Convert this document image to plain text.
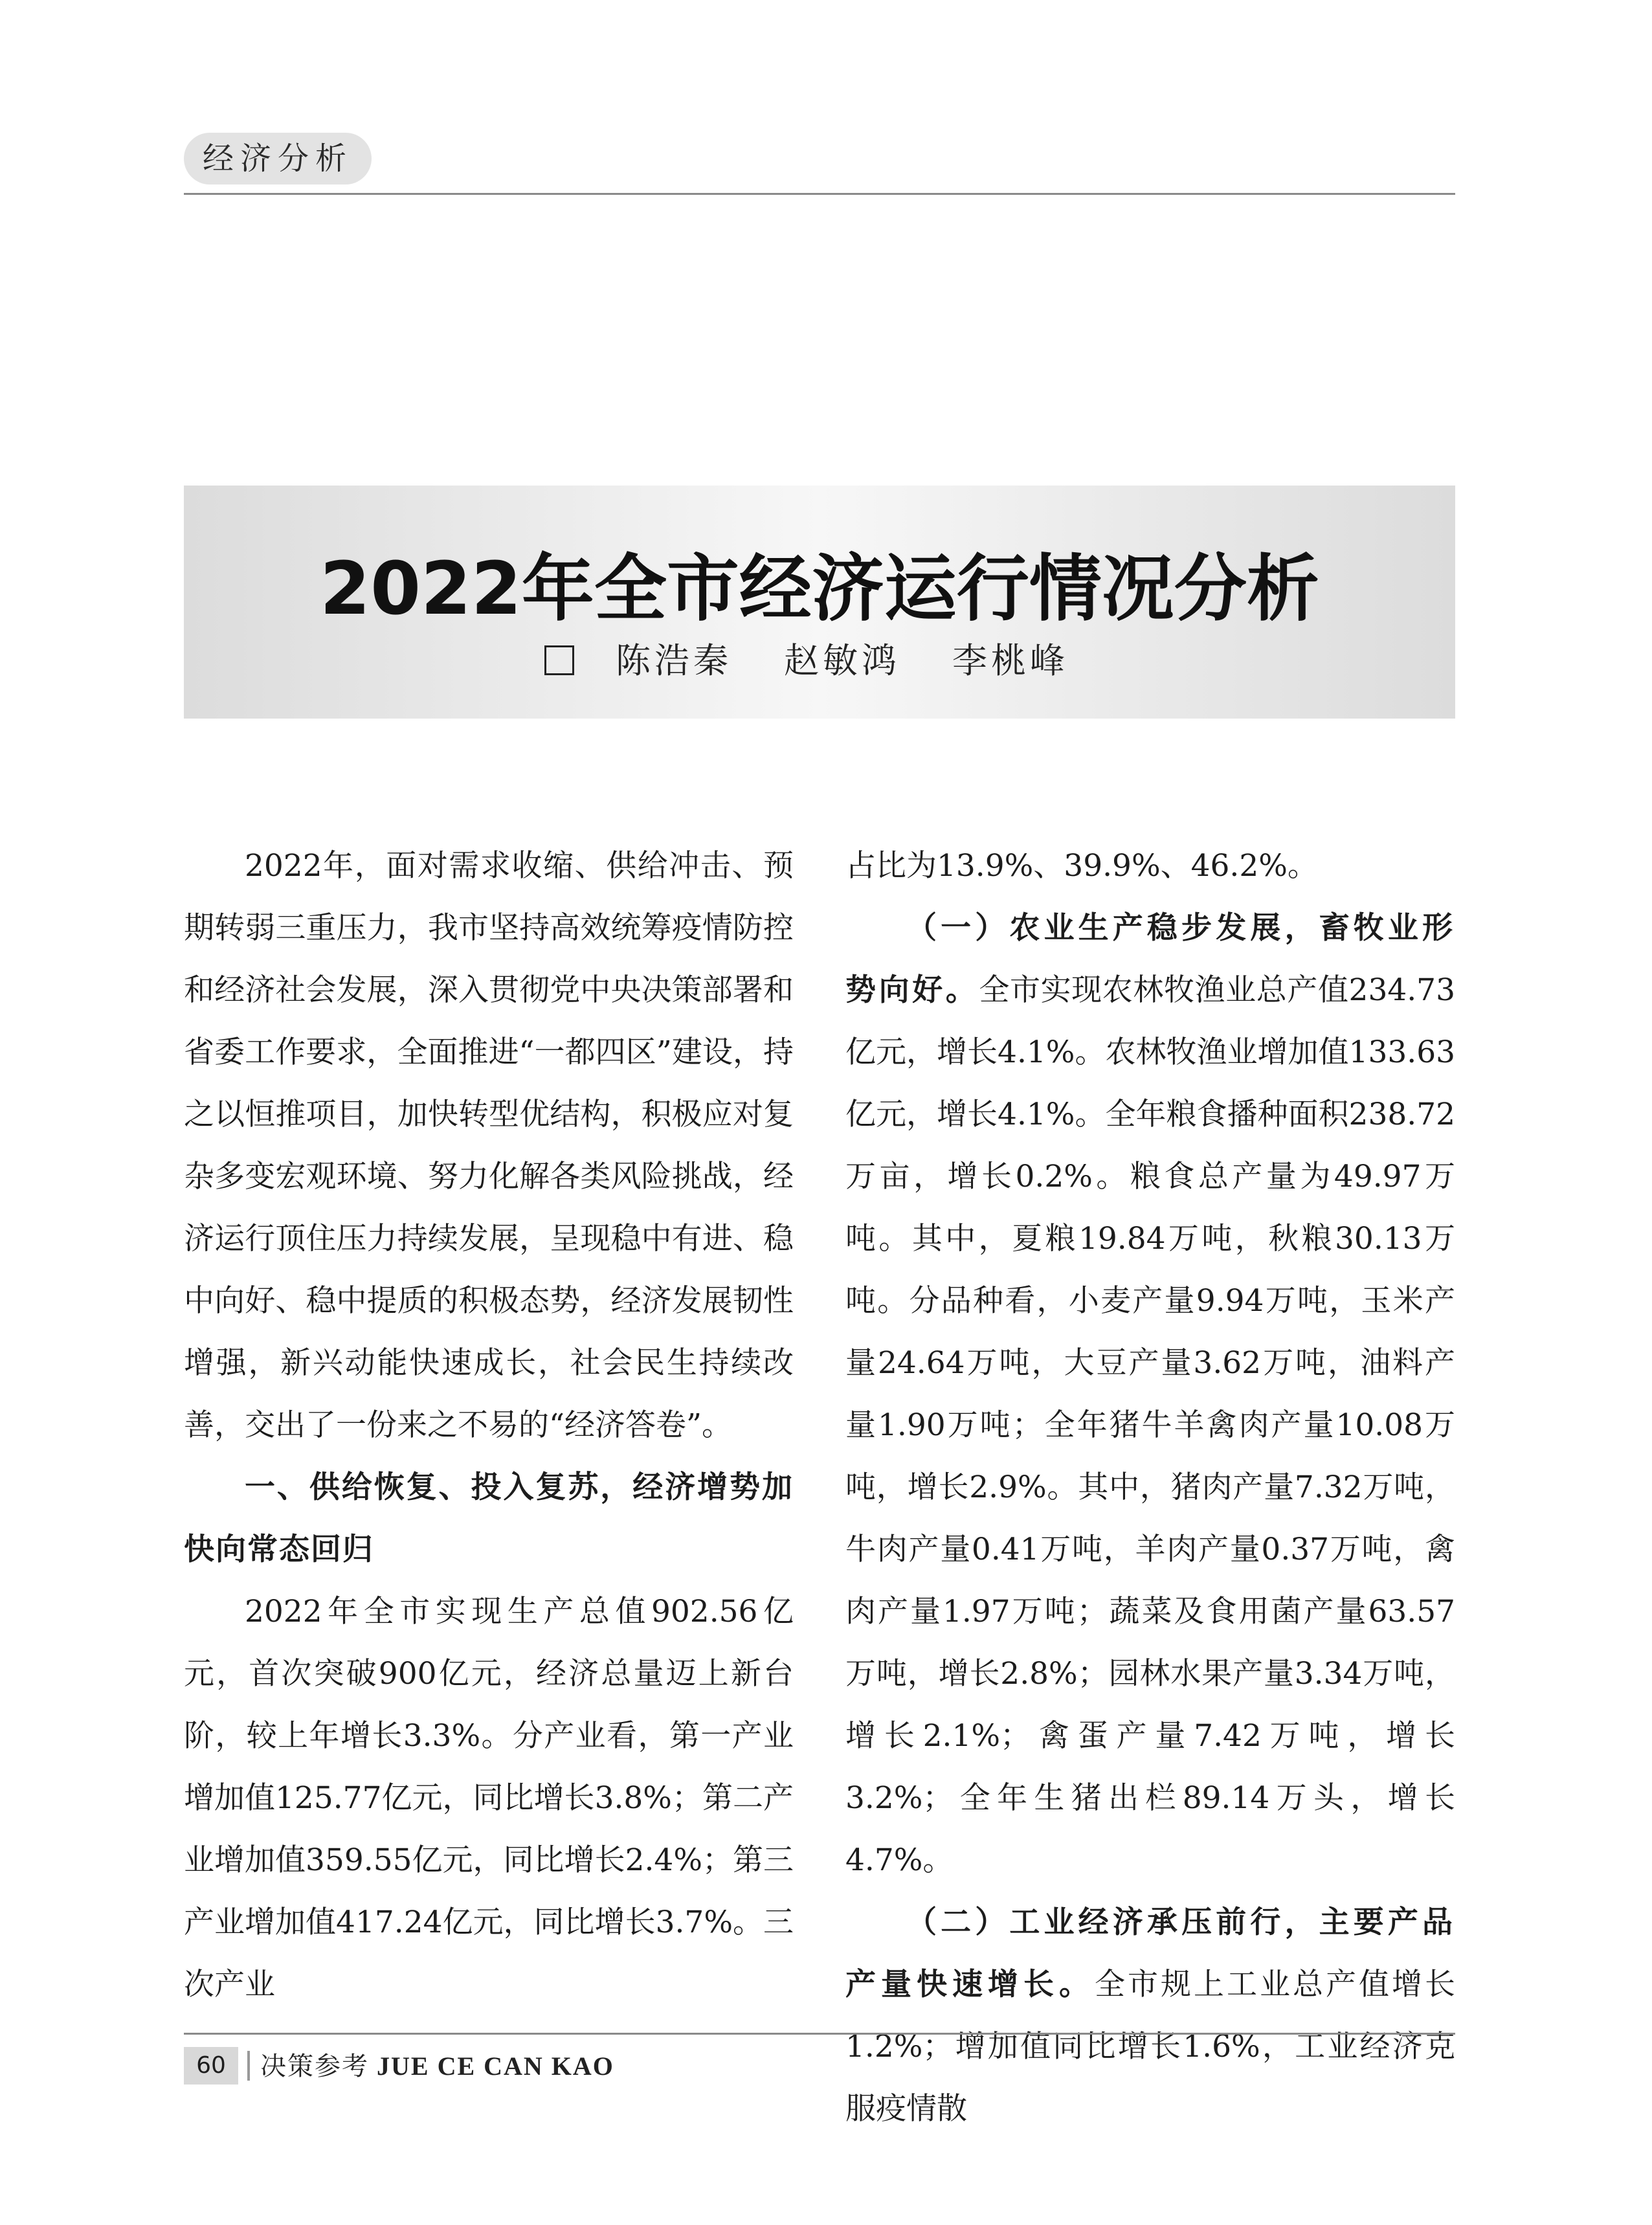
经济分析
2022年全市经济运行情况分析
陈浩秦 赵敏鸿 李桃峰

2022年，面对需求收缩、供给冲击、预期转弱三重压力，我市坚持高效统筹疫情防控和经济社会发展，深入贯彻党中央决策部署和省委工作要求，全面推进“一都四区”建设，持之以恒推项目，加快转型优结构，积极应对复杂多变宏观环境、努力化解各类风险挑战，经济运行顶住压力持续发展，呈现稳中有进、稳中向好、稳中提质的积极态势，经济发展韧性增强，新兴动能快速成长，社会民生持续改善，交出了一份来之不易的“经济答卷”。

一、供给恢复、投入复苏，经济增势加快向常态回归

2022年全市实现生产总值902.56亿元，首次突破900亿元，经济总量迈上新台阶，较上年增长3.3%。分产业看，第一产业增加值125.77亿元，同比增长3.8%；第二产业增加值359.55亿元，同比增长2.4%；第三产业增加值417.24亿元，同比增长3.7%。三次产业

占比为13.9%、39.9%、46.2%。

（一）农业生产稳步发展，畜牧业形势向好。全市实现农林牧渔业总产值234.73亿元，增长4.1%。农林牧渔业增加值133.63亿元，增长4.1%。全年粮食播种面积238.72万亩，增长0.2%。粮食总产量为49.97万吨。其中，夏粮19.84万吨，秋粮30.13万吨。分品种看，小麦产量9.94万吨，玉米产量24.64万吨，大豆产量3.62万吨，油料产量1.90万吨；全年猪牛羊禽肉产量10.08万吨，增长2.9%。其中，猪肉产量7.32万吨，牛肉产量0.41万吨，羊肉产量0.37万吨，禽肉产量1.97万吨；蔬菜及食用菌产量63.57万吨，增长2.8%；园林水果产量3.34万吨，增长2.1%；禽蛋产量7.42万吨，增长3.2%；全年生猪出栏89.14万头，增长4.7%。

（二）工业经济承压前行，主要产品产量快速增长。全市规上工业总产值增长1.2%；增加值同比增长1.6%，工业经济克服疫情散

60	决策参考 JUE CE CAN KAO
